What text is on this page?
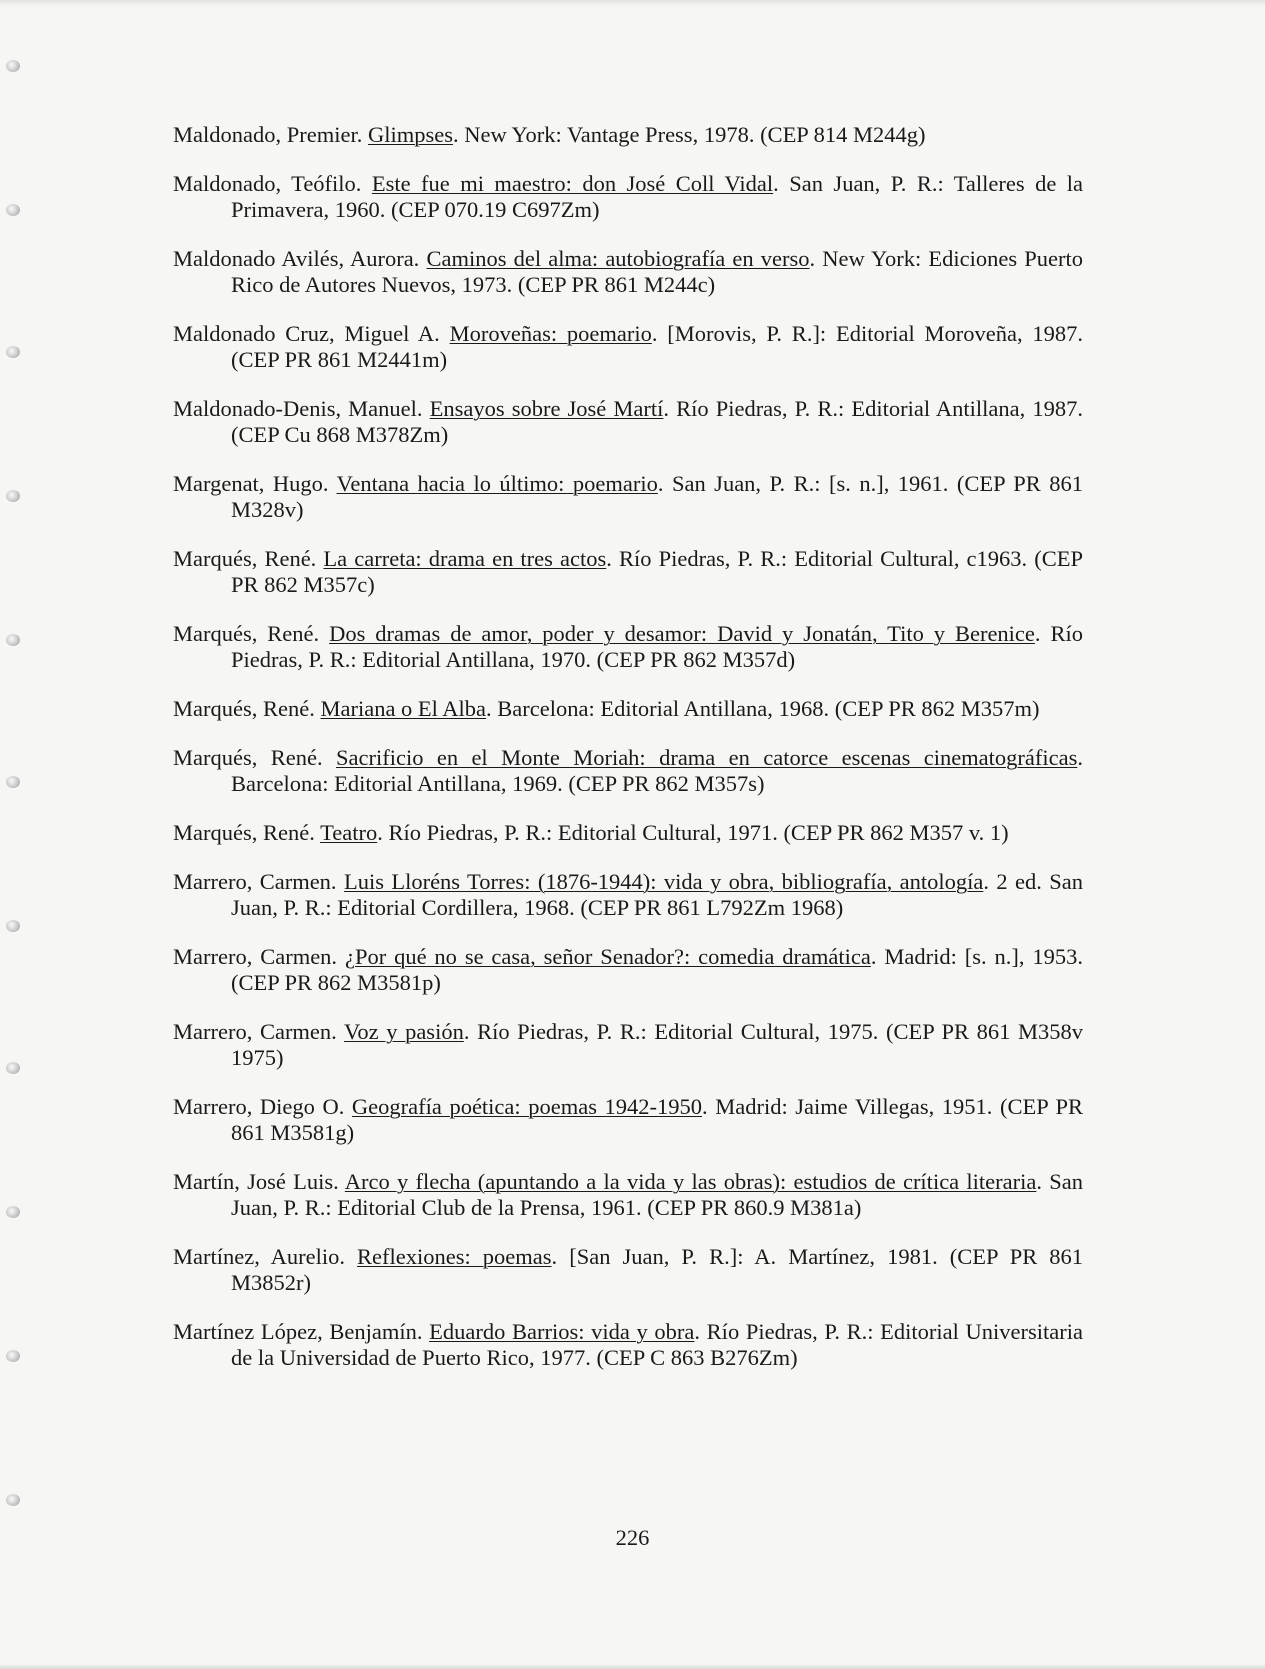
Maldonado, Premier. Glimpses. New York: Vantage Press, 1978. (CEP 814 M244g)
Maldonado, Teófilo. Este fue mi maestro: don José Coll Vidal. San Juan, P. R.: Talleres de la Primavera, 1960. (CEP 070.19 C697Zm)
Maldonado Avilés, Aurora. Caminos del alma: autobiografía en verso. New York: Ediciones Puerto Rico de Autores Nuevos, 1973. (CEP PR 861 M244c)
Maldonado Cruz, Miguel A. Moroveñas: poemario. [Morovis, P. R.]: Editorial Moroveña, 1987. (CEP PR 861 M2441m)
Maldonado-Denis, Manuel. Ensayos sobre José Martí. Río Piedras, P. R.: Editorial Antillana, 1987. (CEP Cu 868 M378Zm)
Margenat, Hugo. Ventana hacia lo último: poemario. San Juan, P. R.: [s. n.], 1961. (CEP PR 861 M328v)
Marqués, René. La carreta: drama en tres actos. Río Piedras, P. R.: Editorial Cultural, c1963. (CEP PR 862 M357c)
Marqués, René. Dos dramas de amor, poder y desamor: David y Jonatán, Tito y Berenice. Río Piedras, P. R.: Editorial Antillana, 1970. (CEP PR 862 M357d)
Marqués, René. Mariana o El Alba. Barcelona: Editorial Antillana, 1968. (CEP PR 862 M357m)
Marqués, René. Sacrificio en el Monte Moriah: drama en catorce escenas cinematográficas. Barcelona: Editorial Antillana, 1969. (CEP PR 862 M357s)
Marqués, René. Teatro. Río Piedras, P. R.: Editorial Cultural, 1971. (CEP PR 862 M357 v. 1)
Marrero, Carmen. Luis Lloréns Torres: (1876-1944): vida y obra, bibliografía, antología. 2 ed. San Juan, P. R.: Editorial Cordillera, 1968. (CEP PR 861 L792Zm 1968)
Marrero, Carmen. ¿Por qué no se casa, señor Senador?: comedia dramática. Madrid: [s. n.], 1953. (CEP PR 862 M3581p)
Marrero, Carmen. Voz y pasión. Río Piedras, P. R.: Editorial Cultural, 1975. (CEP PR 861 M358v 1975)
Marrero, Diego O. Geografía poética: poemas 1942-1950. Madrid: Jaime Villegas, 1951. (CEP PR 861 M3581g)
Martín, José Luis. Arco y flecha (apuntando a la vida y las obras): estudios de crítica literaria. San Juan, P. R.: Editorial Club de la Prensa, 1961. (CEP PR 860.9 M381a)
Martínez, Aurelio. Reflexiones: poemas. [San Juan, P. R.]: A. Martínez, 1981. (CEP PR 861 M3852r)
Martínez López, Benjamín. Eduardo Barrios: vida y obra. Río Piedras, P. R.: Editorial Universitaria de la Universidad de Puerto Rico, 1977. (CEP C 863 B276Zm)
226
